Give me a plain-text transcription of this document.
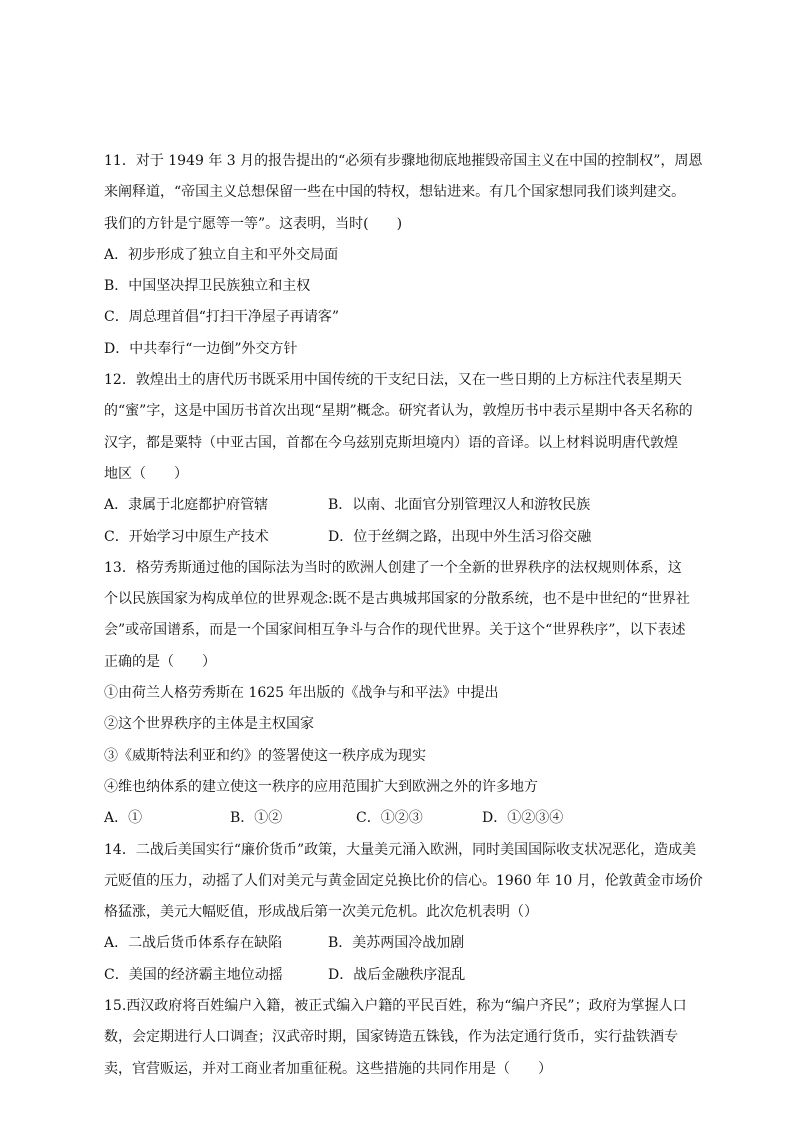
11．对于 1949 年 3 月的报告提出的“必须有步骤地彻底地摧毁帝国主义在中国的控制权”，周恩
来阐释道，“帝国主义总想保留一些在中国的特权，想钻进来。有几个国家想同我们谈判建交。
我们的方针是宁愿等一等”。这表明，当时(　　)
A．初步形成了独立自主和平外交局面
B．中国坚决捍卫民族独立和主权
C．周总理首倡“打扫干净屋子再请客”
D．中共奉行“一边倒”外交方针
12．敦煌出土的唐代历书既采用中国传统的干支纪日法，又在一些日期的上方标注代表星期天
的“蜜”字，这是中国历书首次出现“星期”概念。研究者认为，敦煌历书中表示星期中各天名称的
汉字，都是粟特（中亚古国，首都在今乌兹别克斯坦境内）语的音译。以上材料说明唐代敦煌
地区（　　）
A．隶属于北庭都护府管辖	B．以南、北面官分别管理汉人和游牧民族
C．开始学习中原生产技术	D．位于丝绸之路，出现中外生活习俗交融
13．格劳秀斯通过他的国际法为当时的欧洲人创建了一个全新的世界秩序的法权规则体系，这
个以民族国家为构成单位的世界观念:既不是古典城邦国家的分散系统，也不是中世纪的“世界社
会”或帝国谱系，而是一个国家间相互争斗与合作的现代世界。关于这个“世界秩序”，以下表述
正确的是（　　）
①由荷兰人格劳秀斯在 1625 年出版的《战争与和平法》中提出
②这个世界秩序的主体是主权国家
③《威斯特法利亚和约》的签署使这一秩序成为现实
④维也纳体系的建立使这一秩序的应用范围扩大到欧洲之外的许多地方
A．①	B．①②	C．①②③	D．①②③④
14．二战后美国实行“廉价货币”政策，大量美元涌入欧洲，同时美国国际收支状况恶化，造成美
元贬值的压力，动摇了人们对美元与黄金固定兑换比价的信心。1960 年 10 月，伦敦黄金市场价
格猛涨，美元大幅贬值，形成战后第一次美元危机。此次危机表明（）
A．二战后货币体系存在缺陷	B．美苏两国冷战加剧
C．美国的经济霸主地位动摇	D．战后金融秩序混乱
15.西汉政府将百姓编户入籍，被正式编入户籍的平民百姓，称为“编户齐民”；政府为掌握人口
数，会定期进行人口调查；汉武帝时期，国家铸造五铢钱，作为法定通行货币，实行盐铁酒专
卖，官营贩运，并对工商业者加重征税。这些措施的共同作用是（　　）
